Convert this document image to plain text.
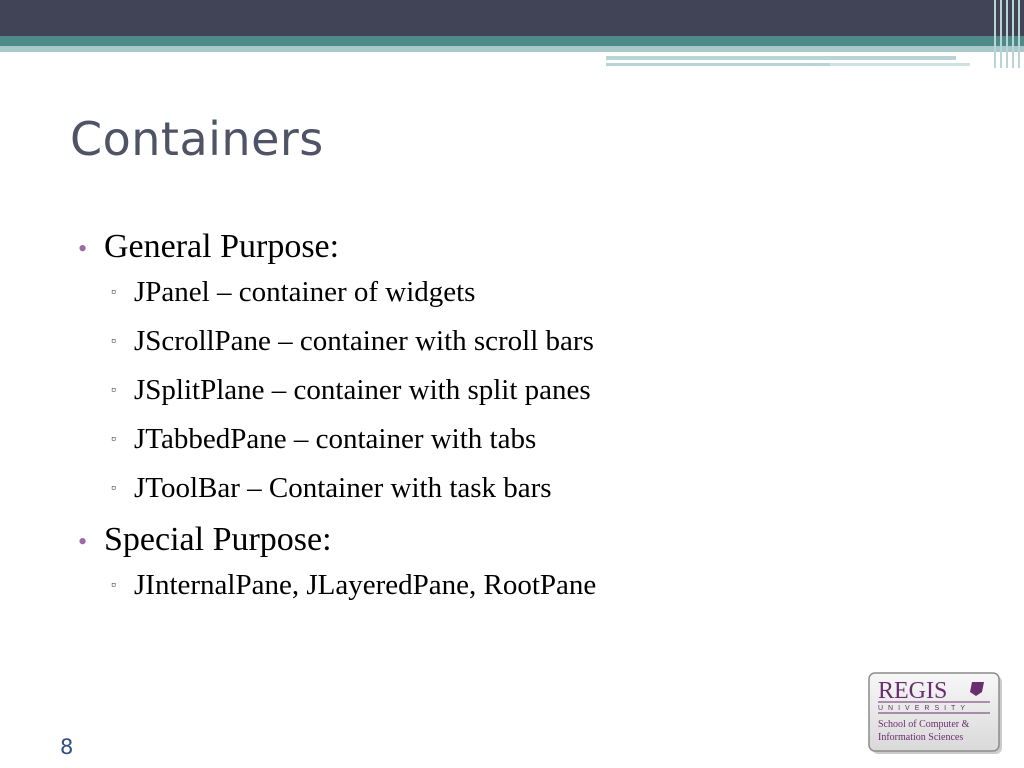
Containers
• General Purpose:
▫ JPanel – container of widgets
▫ JScrollPane – container with scroll bars
▫ JSplitPlane – container with split panes
▫ JTabbedPane – container with tabs
▫ JToolBar – Container with task bars
• Special Purpose:
▫ JInternalPane, JLayeredPane, RootPane
8
REGIS
UNIVERSITY
School of Computer &
Information Sciences
